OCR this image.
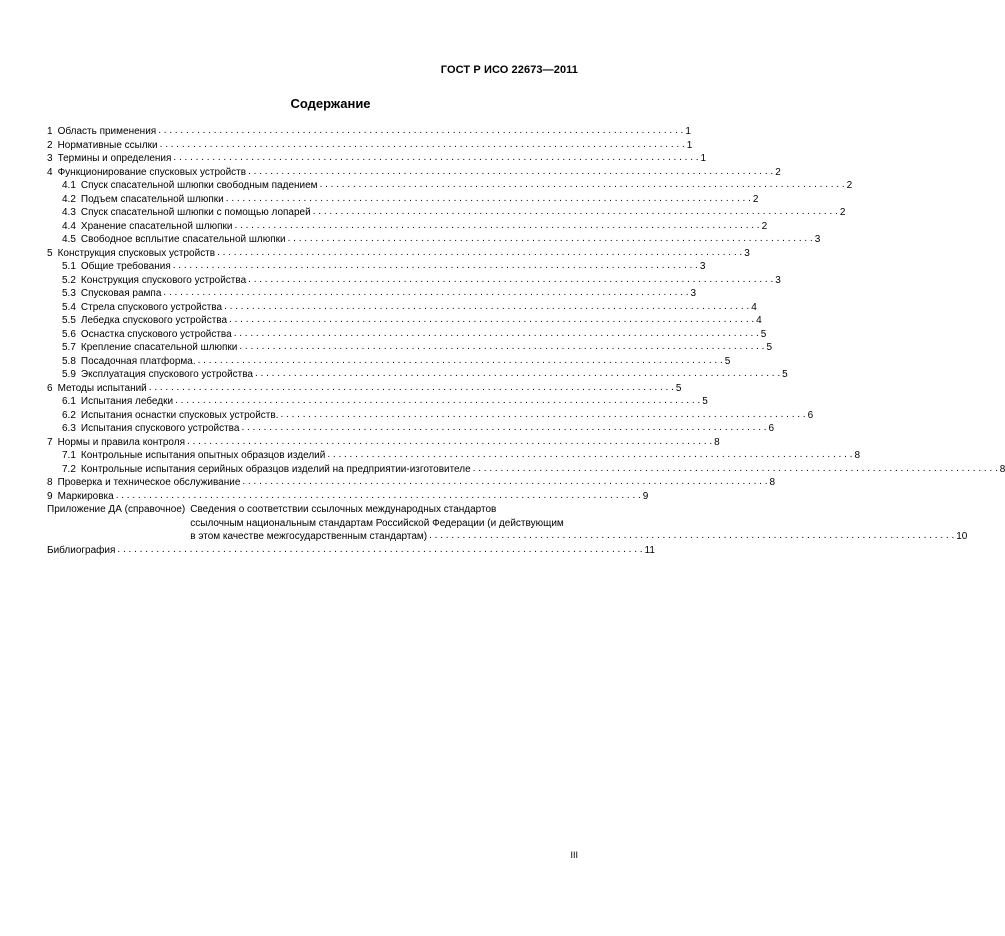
ГОСТ Р ИСО 22673—2011
Содержание
1 Область применения . . .	1
2 Нормативные ссылки . . .	1
3 Термины и определения . . .	1
4 Функционирование спусковых устройств . . .	2
4.1 Спуск спасательной шлюпки свободным падением . . .	2
4.2 Подъем спасательной шлюпки . . .	2
4.3 Спуск спасательной шлюпки с помощью лопарей . . .	2
4.4 Хранение спасательной шлюпки . . .	2
4.5 Свободное всплытие спасательной шлюпки . . .	3
5 Конструкция спусковых устройств . . .	3
5.1 Общие требования . . .	3
5.2 Конструкция спускового устройства . . .	3
5.3 Спусковая рампа . . .	3
5.4 Стрела спускового устройства . . .	4
5.5 Лебедка спускового устройства . . .	4
5.6 Оснастка спускового устройства . . .	5
5.7 Крепление спасательной шлюпки . . .	5
5.8 Посадочная платформа. . . .	5
5.9 Эксплуатация спускового устройства . . .	5
6 Методы испытаний . . .	5
6.1 Испытания лебедки . . .	5
6.2 Испытания оснастки спусковых устройств. . . .	6
6.3 Испытания спускового устройства . . .	6
7 Нормы и правила контроля . . .	8
7.1 Контрольные испытания опытных образцов изделий . . .	8
7.2 Контрольные испытания серийных образцов изделий на предприятии-изготовителе . . .	8
8 Проверка и техническое обслуживание . . .	8
9 Маркировка . . .	9
Приложение ДА (справочное) Сведения о соответствии ссылочных международных стандартов
ссылочным национальным стандартам Российской Федерации (и действующим
в этом качестве межгосударственным стандартам) . . .	10
Библиография . . .	11
III
